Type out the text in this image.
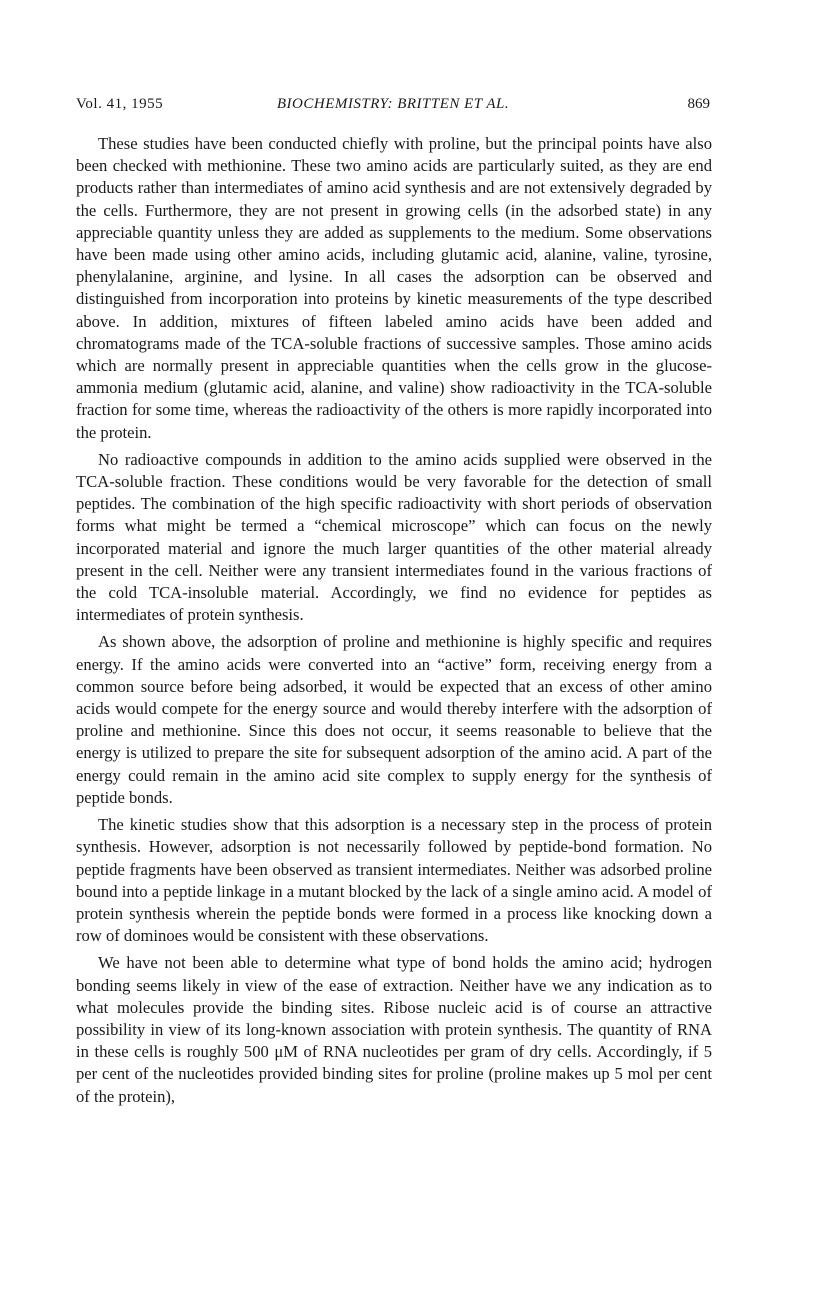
Vol. 41, 1955	BIOCHEMISTRY: BRITTEN ET AL.	869

These studies have been conducted chiefly with proline, but the principal points have also been checked with methionine. These two amino acids are particularly suited, as they are end products rather than intermediates of amino acid synthesis and are not extensively degraded by the cells. Furthermore, they are not present in growing cells (in the adsorbed state) in any appreciable quantity unless they are added as supplements to the medium. Some observations have been made using other amino acids, including glutamic acid, alanine, valine, tyrosine, phenylalanine, arginine, and lysine. In all cases the adsorption can be observed and distinguished from incorporation into proteins by kinetic measurements of the type described above. In addition, mixtures of fifteen labeled amino acids have been added and chromatograms made of the TCA-soluble fractions of successive samples. Those amino acids which are normally present in appreciable quantities when the cells grow in the glucose-ammonia medium (glutamic acid, alanine, and valine) show radioactivity in the TCA-soluble fraction for some time, whereas the radioactivity of the others is more rapidly incorporated into the protein.

No radioactive compounds in addition to the amino acids supplied were observed in the TCA-soluble fraction. These conditions would be very favorable for the detection of small peptides. The combination of the high specific radioactivity with short periods of observation forms what might be termed a “chemical microscope” which can focus on the newly incorporated material and ignore the much larger quantities of the other material already present in the cell. Neither were any transient intermediates found in the various fractions of the cold TCA-insoluble material. Accordingly, we find no evidence for peptides as intermediates of protein synthesis.

As shown above, the adsorption of proline and methionine is highly specific and requires energy. If the amino acids were converted into an “active” form, receiving energy from a common source before being adsorbed, it would be expected that an excess of other amino acids would compete for the energy source and would thereby interfere with the adsorption of proline and methionine. Since this does not occur, it seems reasonable to believe that the energy is utilized to prepare the site for subsequent adsorption of the amino acid. A part of the energy could remain in the amino acid site complex to supply energy for the synthesis of peptide bonds.

The kinetic studies show that this adsorption is a necessary step in the process of protein synthesis. However, adsorption is not necessarily followed by peptide-bond formation. No peptide fragments have been observed as transient intermediates. Neither was adsorbed proline bound into a peptide linkage in a mutant blocked by the lack of a single amino acid. A model of protein synthesis wherein the peptide bonds were formed in a process like knocking down a row of dominoes would be consistent with these observations.

We have not been able to determine what type of bond holds the amino acid; hydrogen bonding seems likely in view of the ease of extraction. Neither have we any indication as to what molecules provide the binding sites. Ribose nucleic acid is of course an attractive possibility in view of its long-known association with protein synthesis. The quantity of RNA in these cells is roughly 500 μM of RNA nucleotides per gram of dry cells. Accordingly, if 5 per cent of the nucleotides provided binding sites for proline (proline makes up 5 mol per cent of the protein),
